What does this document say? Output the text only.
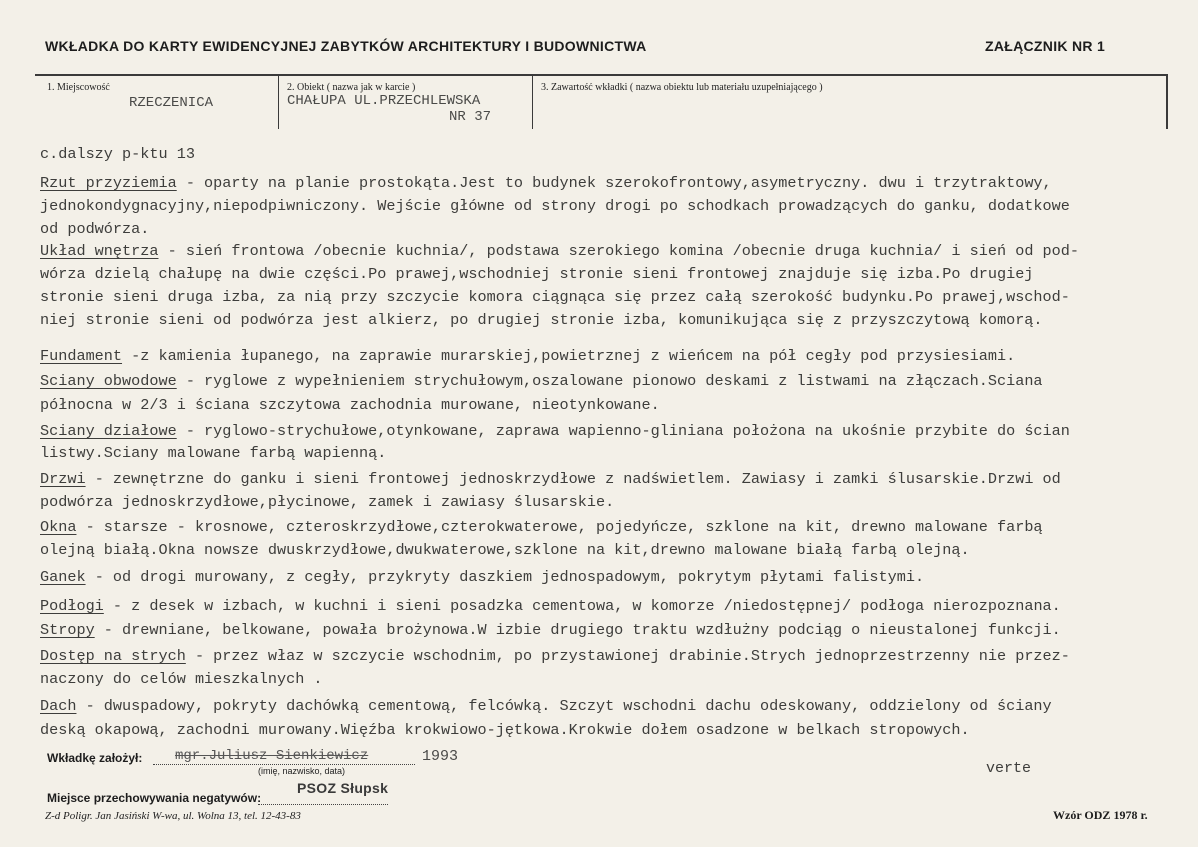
WKŁADKA DO KARTY EWIDENCYJNEJ ZABYTKÓW ARCHITEKTURY I BUDOWNICTWA	ZAŁĄCZNIK NR 1
1. Miejscowość
RZECZENICA
2. Obiekt ( nazwa jak w karcie )
CHAŁUPA UL.PRZECHLEWSKA
NR 37
3. Zawartość wkładki ( nazwa obiektu lub materiału uzupełniającego )
c.dalszy p-ktu 13
Rzut przyziemia - oparty na planie prostokąta.Jest to budynek szerokofrontowy,asymetryczny. dwu i trzytraktowy,
jednokondygnacyjny,niepodpiwniczony. Wejście główne od strony drogi po schodkach prowadzących do ganku, dodatkowe
od podwórza.
Układ wnętrza - sień frontowa /obecnie kuchnia/, podstawa szerokiego komina /obecnie druga kuchnia/ i sień od pod-
wórza dzielą chałupę na dwie części.Po prawej,wschodniej stronie sieni frontowej znajduje się izba.Po drugiej
stronie sieni druga izba, za nią przy szczycie komora ciągnąca się przez całą szerokość budynku.Po prawej,wschod-
niej stronie sieni od podwórza jest alkierz, po drugiej stronie izba, komunikująca się z przyszczytową komorą.
Fundament -z kamienia łupanego, na zaprawie murarskiej,powietrznej z wieńcem na pół cegły pod przysiesiami.
Sciany obwodowe - ryglowe z wypełnieniem strychułowym,oszalowane pionowo deskami z listwami na złączach.Sciana
północna w 2/3 i ściana szczytowa zachodnia murowane, nieotynkowane.
Sciany działowe - ryglowo-strychułowe,otynkowane, zaprawa wapienno-gliniana położona na ukośnie przybite do ścian
listwy.Sciany malowane farbą wapienną.
Drzwi - zewnętrzne do ganku i sieni frontowej jednoskrzydłowe z nadświetlem. Zawiasy i zamki ślusarskie.Drzwi od
podwórza jednoskrzydłowe,płycinowe, zamek i zawiasy ślusarskie.
Okna - starsze - krosnowe, czteroskrzydłowe,czterokwaterowe, pojedyńcze, szklone na kit, drewno malowane farbą
olejną białą.Okna nowsze dwuskrzydłowe,dwukwaterowe,szklone na kit,drewno malowane białą farbą olejną.
Ganek - od drogi murowany, z cegły, przykryty daszkiem jednospadowym, pokrytym płytami falistymi.
Podłogi - z desek w izbach, w kuchni i sieni posadzka cementowa, w komorze /niedostępnej/ podłoga nierozpoznana.
Stropy - drewniane, belkowane, powała brożynowa.W izbie drugiego traktu wzdłużny podciąg o nieustalonej funkcji.
Dostęp na strych - przez właz w szczycie wschodnim, po przystawionej drabinie.Strych jednoprzestrzenny nie przez-
naczony do celów mieszkalnych .
Dach - dwuspadowy, pokryty dachówką cementową, felcówką. Szczyt wschodni dachu odeskowany, oddzielony od ściany
deską okapową, zachodni murowany.Więźba krokwiowo-jętkowa.Krokwie dołem osadzone w belkach stropowych.
Wkładkę założył: mgr.Juliusz Sienkiewicz	1993
(imię, nazwisko, data)	verte
Miejsce przechowywania negatywów:
PSOZ Słupsk
Z-d Poligr. Jan Jasiński W-wa, ul. Wolna 13, tel. 12-43-83	Wzór ODZ 1978 r.
